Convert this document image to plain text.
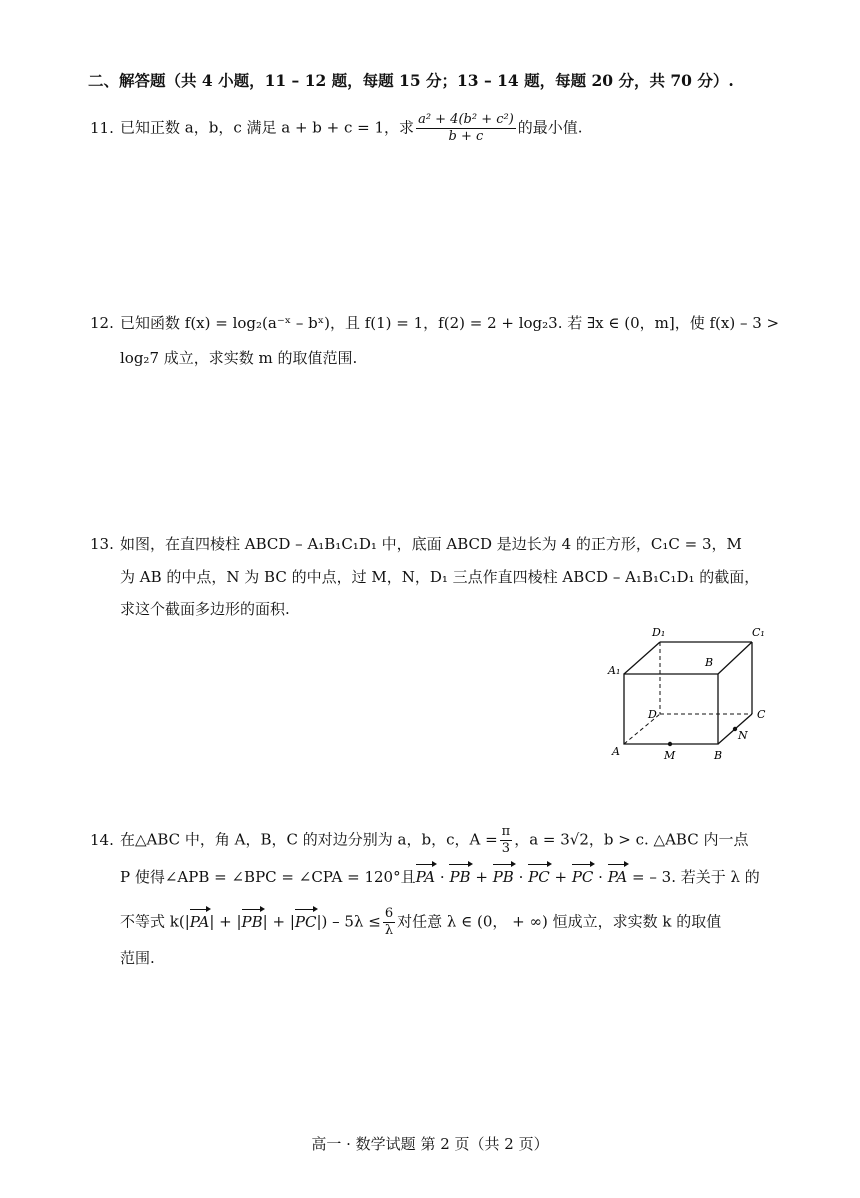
二、解答题（共 4 小题，11 – 12 题，每题 15 分；13 – 14 题，每题 20 分，共 70 分）.
11. 已知正数 a，b，c 满足 a + b + c = 1，求 $\frac{\text{a² + 4(b² + c²)}}{b + c}$ 的最小值.
12. 已知函数 f(x) = log₂(a⁻ˣ – bˣ)，且 f(1) = 1，f(2) = 2 + log₂3. 若 ∃x ∈ (0，m]，使 f(x) – 3 >
log₂7 成立，求实数 m 的取值范围.
13. 如图，在直四棱柱 ABCD – A₁B₁C₁D₁ 中，底面 ABCD 是边长为 4 的正方形，C₁C = 3，M
为 AB 的中点，N 为 BC 的中点，过 M，N，D₁ 三点作直四棱柱 ABCD – A₁B₁C₁D₁ 的截面，
求这个截面多边形的面积.
D₁	C₁
A₁
B
D	C
A	M	B
N
14. 在△ABC 中，角 A，B，C 的对边分别为 a，b，c，$A = \frac{\pi}{3}$ ，a = 3√2，b > c. △ABC 内一点
P 使得∠APB = ∠BPC = ∠CPA = 120°且PA · PB + PB · PC + PC · PA = – 3. 若关于 λ 的
不等式 $k(|PA| + |PB| + |PC|) - 5\lambda \le \frac{6}{\lambda}$ 对任意 λ ∈ (0， + ∞) 恒成立，求实数 k 的取值
范围.
高一 · 数学试题 第 2 页（共 2 页）
